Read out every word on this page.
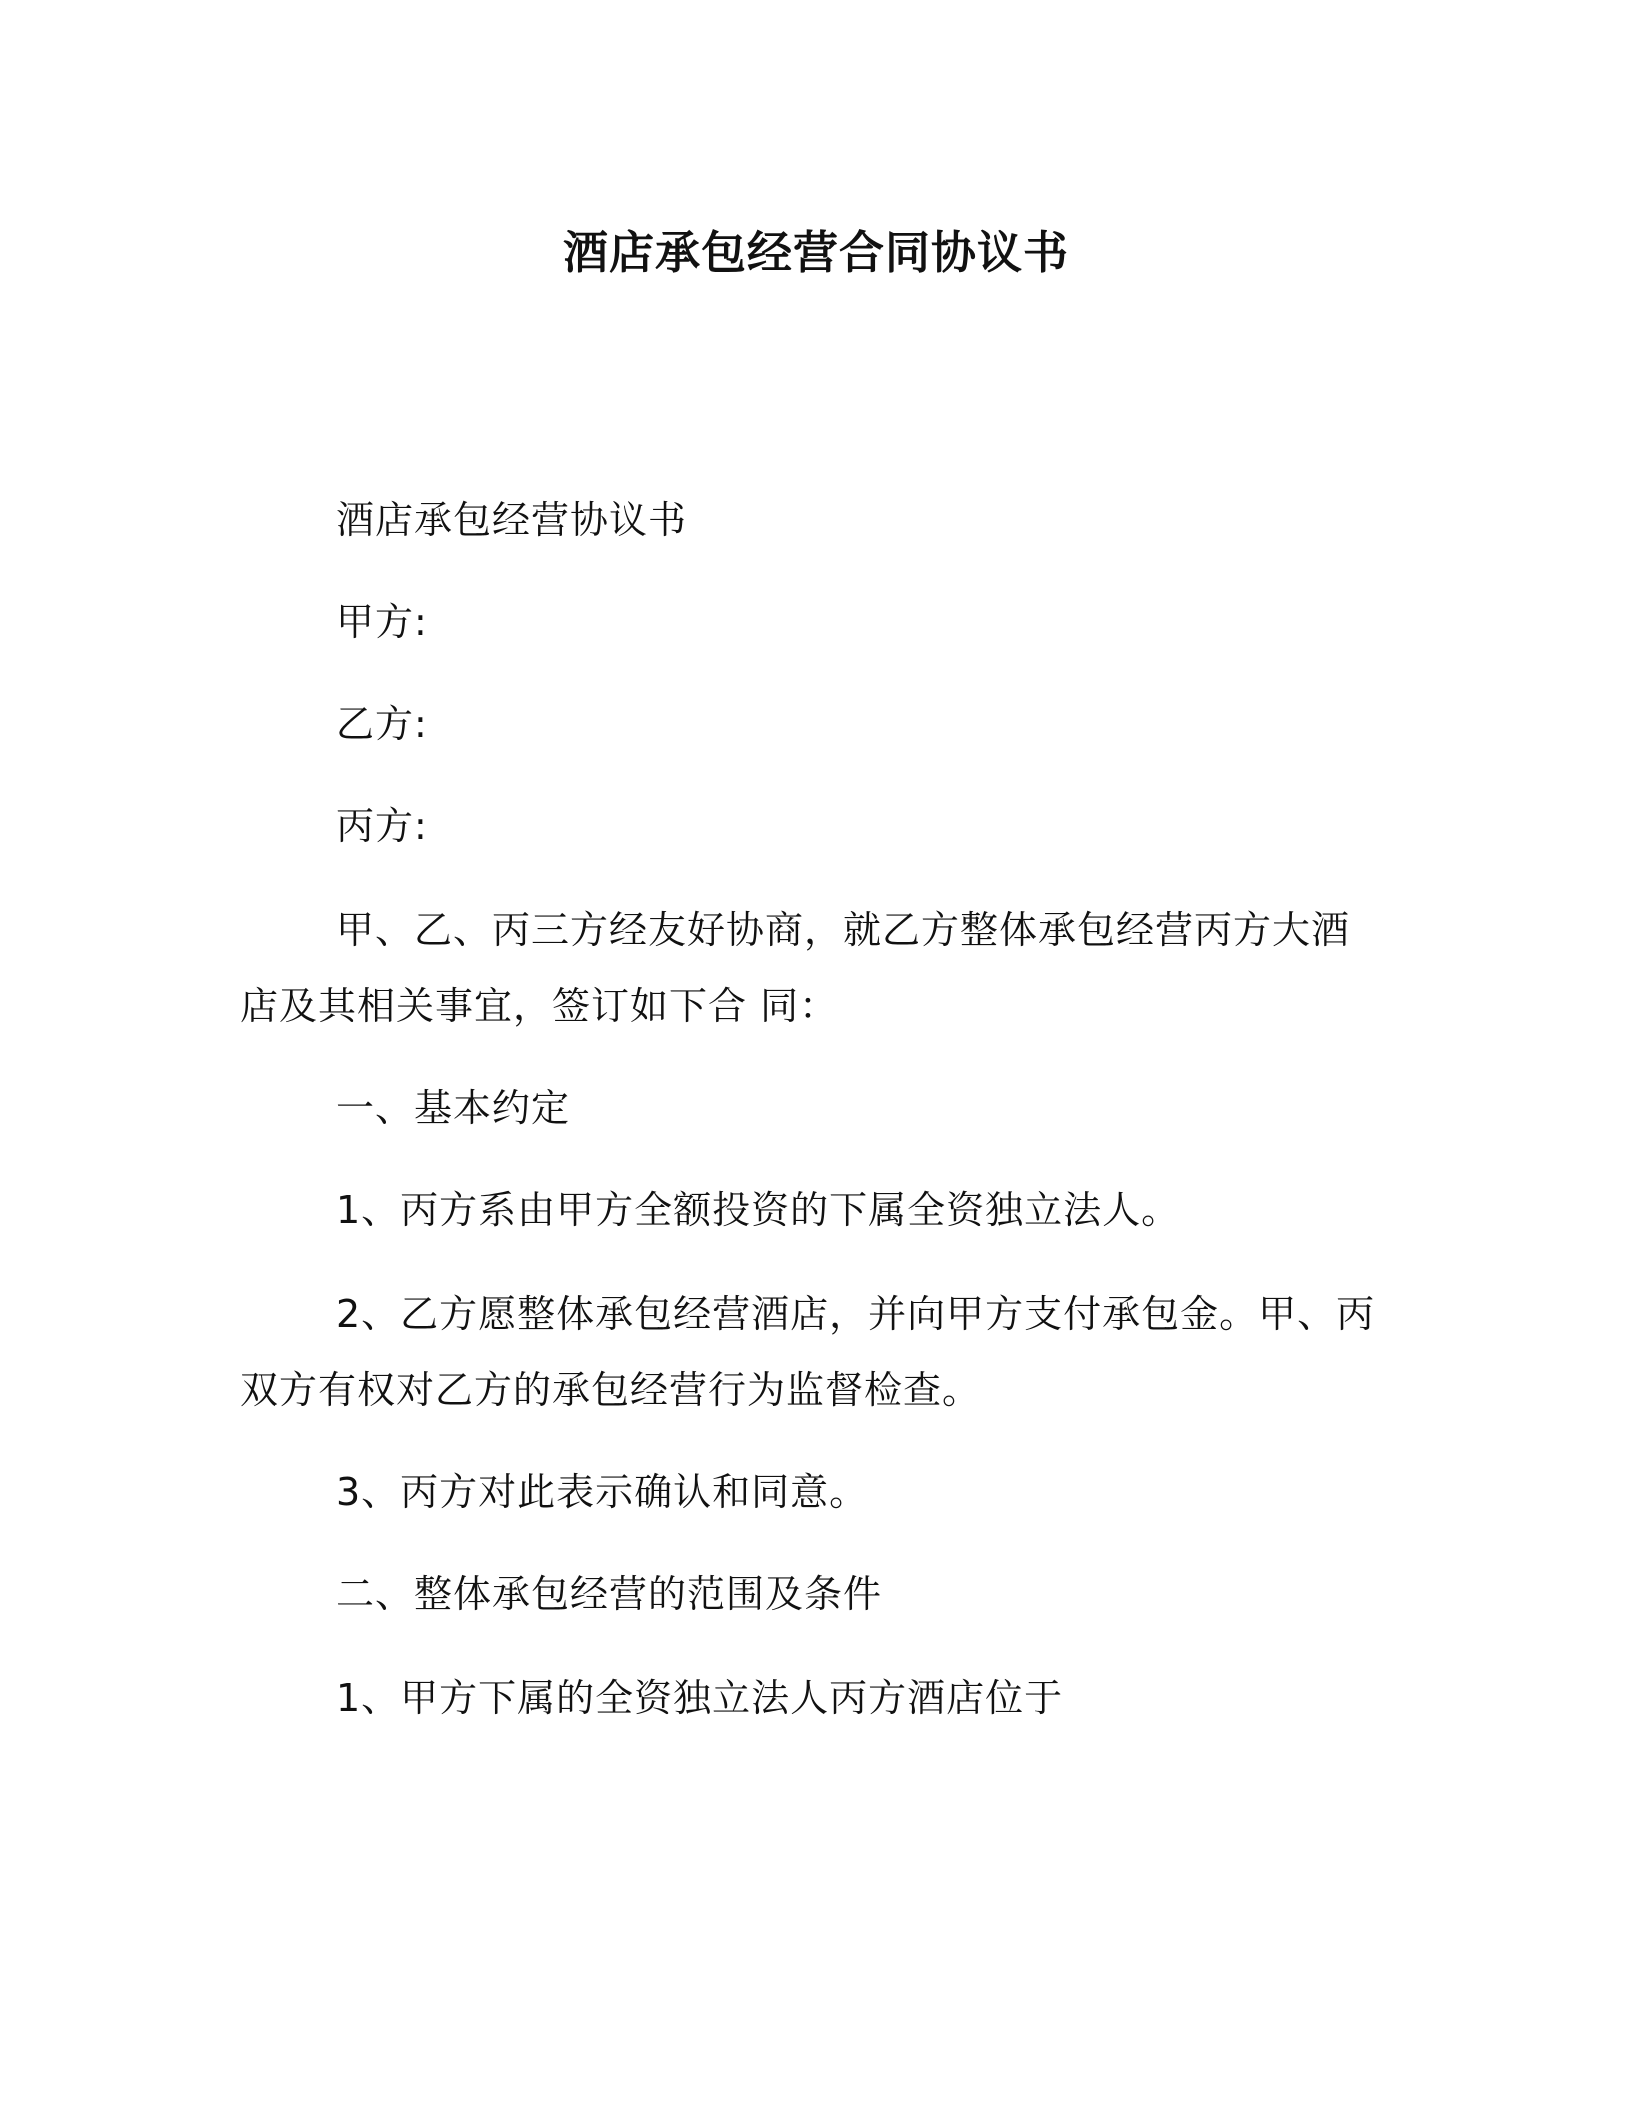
酒店承包经营合同协议书

酒店承包经营协议书

甲方:

乙方:

丙方:

甲、乙、丙三方经友好协商，就乙方整体承包经营丙方大酒店及其相关事宜，签订如下合 同：

一、基本约定

1、丙方系由甲方全额投资的下属全资独立法人。

2、乙方愿整体承包经营酒店，并向甲方支付承包金。甲、丙双方有权对乙方的承包经营行为监督检查。

3、丙方对此表示确认和同意。

二、整体承包经营的范围及条件

1、甲方下属的全资独立法人丙方酒店位于
